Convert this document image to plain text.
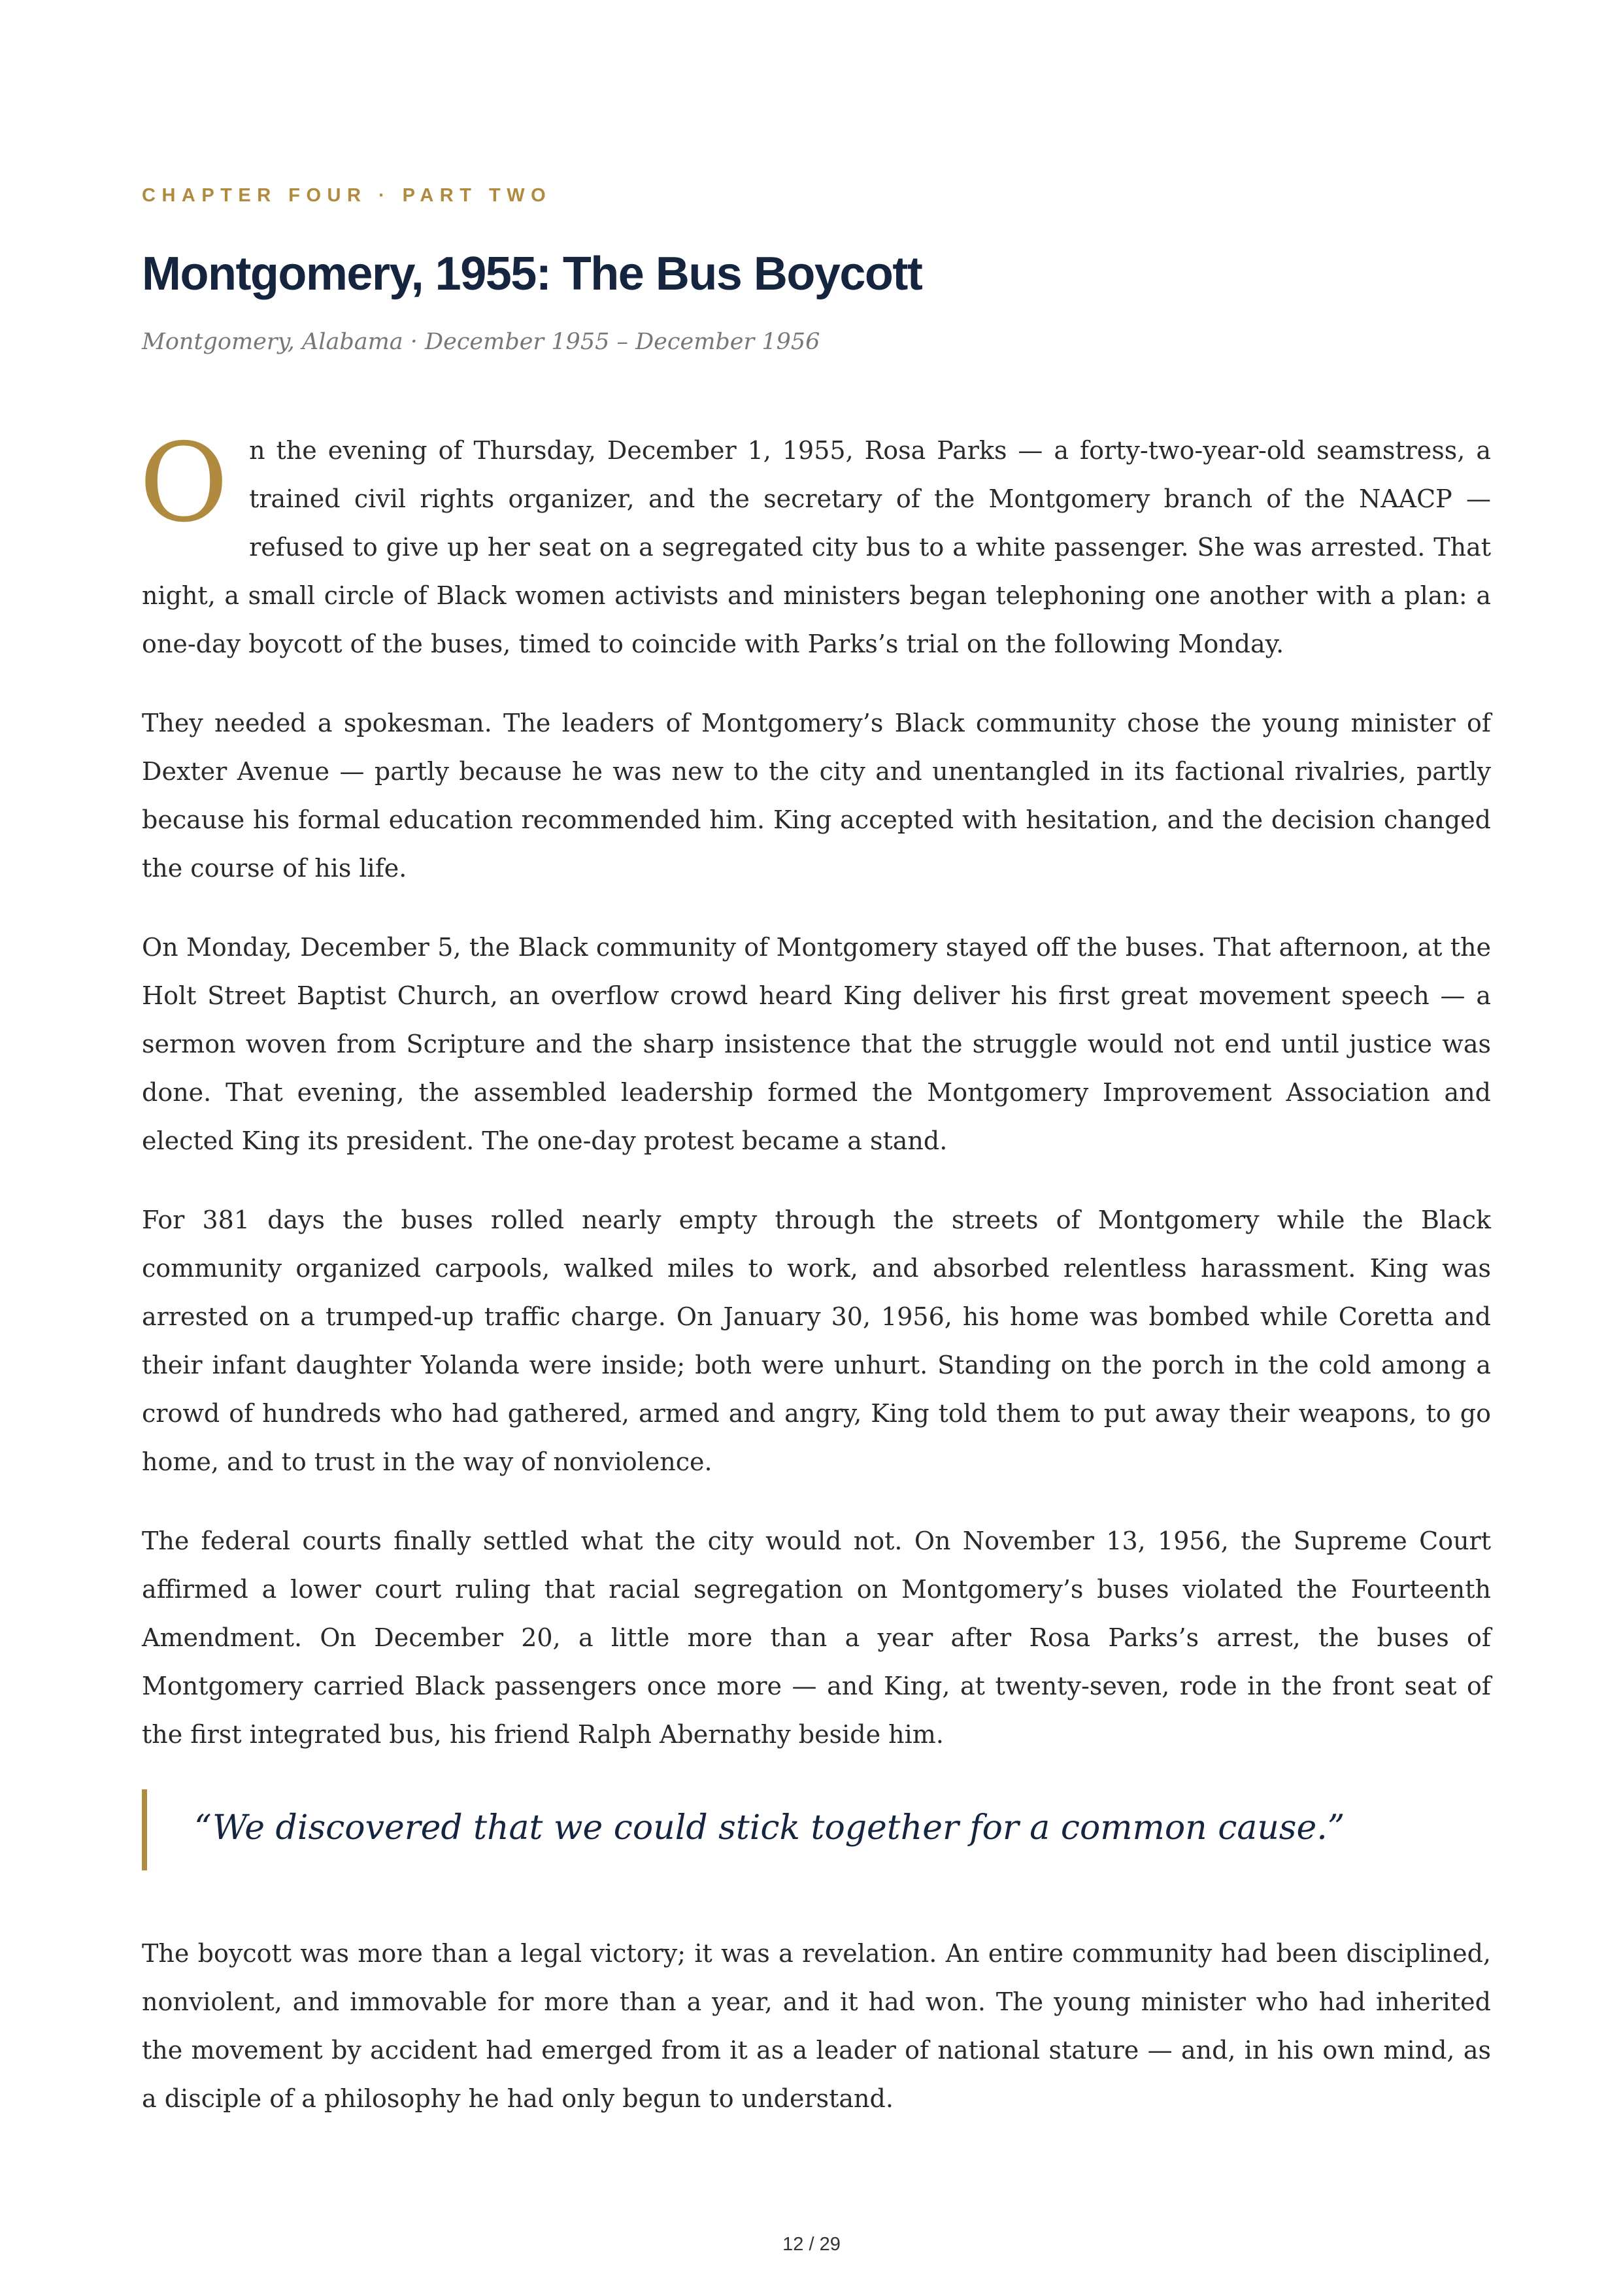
CHAPTER FOUR · PART TWO
Montgomery, 1955: The Bus Boycott
Montgomery, Alabama · December 1955 – December 1956

On the evening of Thursday, December 1, 1955, Rosa Parks — a forty-two-year-old seamstress, a trained civil rights organizer, and the secretary of the Montgomery branch of the NAACP — refused to give up her seat on a segregated city bus to a white passenger. She was arrested. That night, a small circle of Black women activists and ministers began telephoning one another with a plan: a one-day boycott of the buses, timed to coincide with Parks’s trial on the following Monday.

They needed a spokesman. The leaders of Montgomery’s Black community chose the young minister of Dexter Avenue — partly because he was new to the city and unentangled in its factional rivalries, partly because his formal education recommended him. King accepted with hesitation, and the decision changed the course of his life.

On Monday, December 5, the Black community of Montgomery stayed off the buses. That afternoon, at the Holt Street Baptist Church, an overflow crowd heard King deliver his first great movement speech — a sermon woven from Scripture and the sharp insistence that the struggle would not end until justice was done. That evening, the assembled leadership formed the Montgomery Improvement Association and elected King its president. The one-day protest became a stand.

For 381 days the buses rolled nearly empty through the streets of Montgomery while the Black community organized carpools, walked miles to work, and absorbed relentless harassment. King was arrested on a trumped-up traffic charge. On January 30, 1956, his home was bombed while Coretta and their infant daughter Yolanda were inside; both were unhurt. Standing on the porch in the cold among a crowd of hundreds who had gathered, armed and angry, King told them to put away their weapons, to go home, and to trust in the way of nonviolence.

The federal courts finally settled what the city would not. On November 13, 1956, the Supreme Court affirmed a lower court ruling that racial segregation on Montgomery’s buses violated the Fourteenth Amendment. On December 20, a little more than a year after Rosa Parks’s arrest, the buses of Montgomery carried Black passengers once more — and King, at twenty-seven, rode in the front seat of the first integrated bus, his friend Ralph Abernathy beside him.

“We discovered that we could stick together for a common cause.”

The boycott was more than a legal victory; it was a revelation. An entire community had been disciplined, nonviolent, and immovable for more than a year, and it had won. The young minister who had inherited the movement by accident had emerged from it as a leader of national stature — and, in his own mind, as a disciple of a philosophy he had only begun to understand.

12 / 29
